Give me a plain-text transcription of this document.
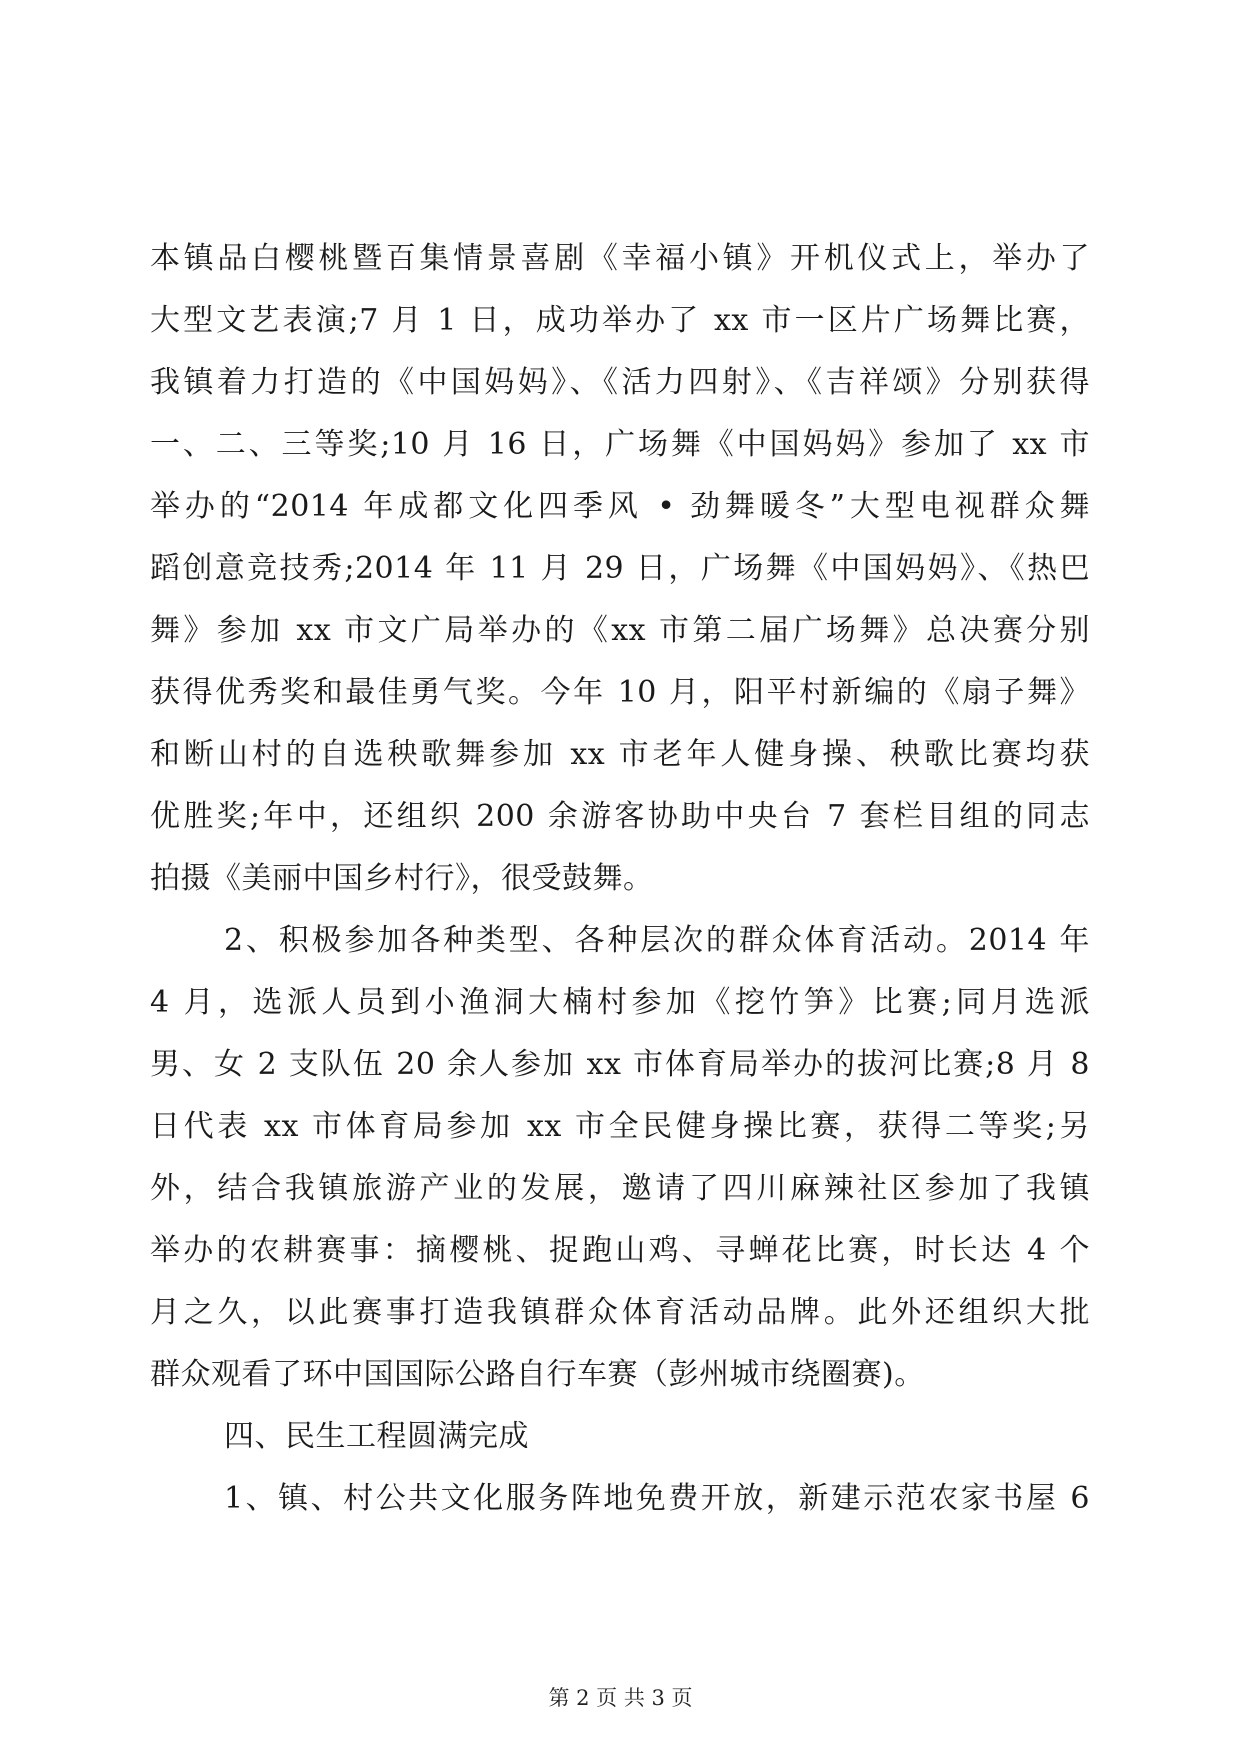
本镇品白樱桃暨百集情景喜剧《幸福小镇》开机仪式上，举办了
大型文艺表演;7 月 1 日，成功举办了 xx 市一区片广场舞比赛，
我镇着力打造的《中国妈妈》、《活力四射》、《吉祥颂》分别获得
一、二、三等奖;10 月 16 日，广场舞《中国妈妈》参加了 xx 市
举办的“2014 年成都文化四季风 • 劲舞暖冬”大型电视群众舞
蹈创意竞技秀;2014 年 11 月 29 日，广场舞《中国妈妈》、《热巴
舞》参加 xx 市文广局举办的《xx 市第二届广场舞》总决赛分别
获得优秀奖和最佳勇气奖。今年 10 月，阳平村新编的《扇子舞》
和断山村的自选秧歌舞参加 xx 市老年人健身操、秧歌比赛均获
优胜奖;年中，还组织 200 余游客协助中央台 7 套栏目组的同志
拍摄《美丽中国乡村行》，很受鼓舞。
2、积极参加各种类型、各种层次的群众体育活动。2014 年
4 月，选派人员到小渔洞大楠村参加《挖竹笋》比赛;同月选派
男、女 2 支队伍 20 余人参加 xx 市体育局举办的拔河比赛;8 月 8
日代表 xx 市体育局参加 xx 市全民健身操比赛，获得二等奖;另
外，结合我镇旅游产业的发展，邀请了四川麻辣社区参加了我镇
举办的农耕赛事：摘樱桃、捉跑山鸡、寻蝉花比赛，时长达 4 个
月之久，以此赛事打造我镇群众体育活动品牌。此外还组织大批
群众观看了环中国国际公路自行车赛（彭州城市绕圈赛)。
四、民生工程圆满完成
1、镇、村公共文化服务阵地免费开放，新建示范农家书屋 6
第 2 页 共 3 页
